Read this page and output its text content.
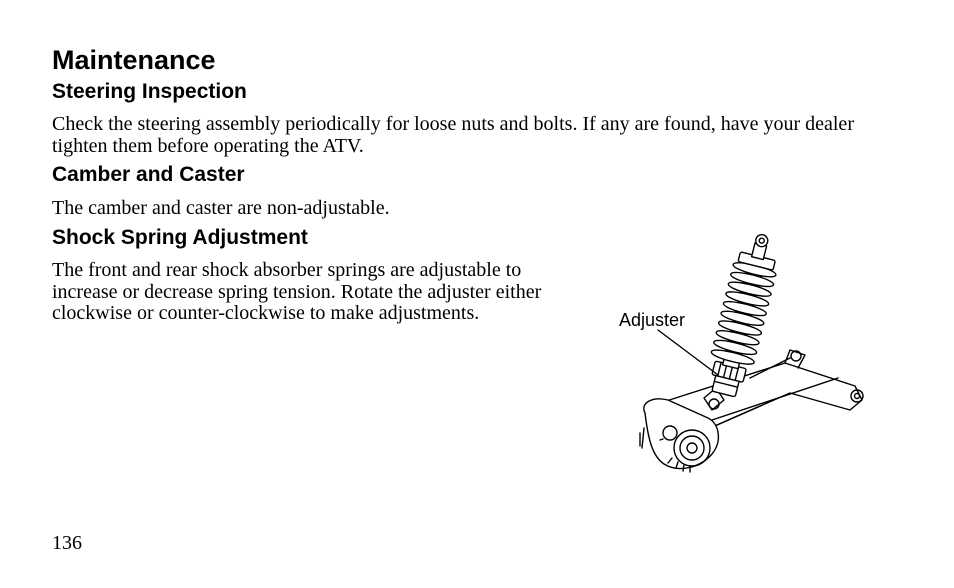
Maintenance
Steering Inspection

Check the steering assembly periodically for loose nuts and bolts. If any are found, have your dealer tighten them before operating the ATV.

Camber and Caster

The camber and caster are non-adjustable.

Shock Spring Adjustment

The front and rear shock absorber springs are adjustable to increase or decrease spring tension. Rotate the adjuster either clockwise or counter-clockwise to make adjustments.	Adjuster
136
